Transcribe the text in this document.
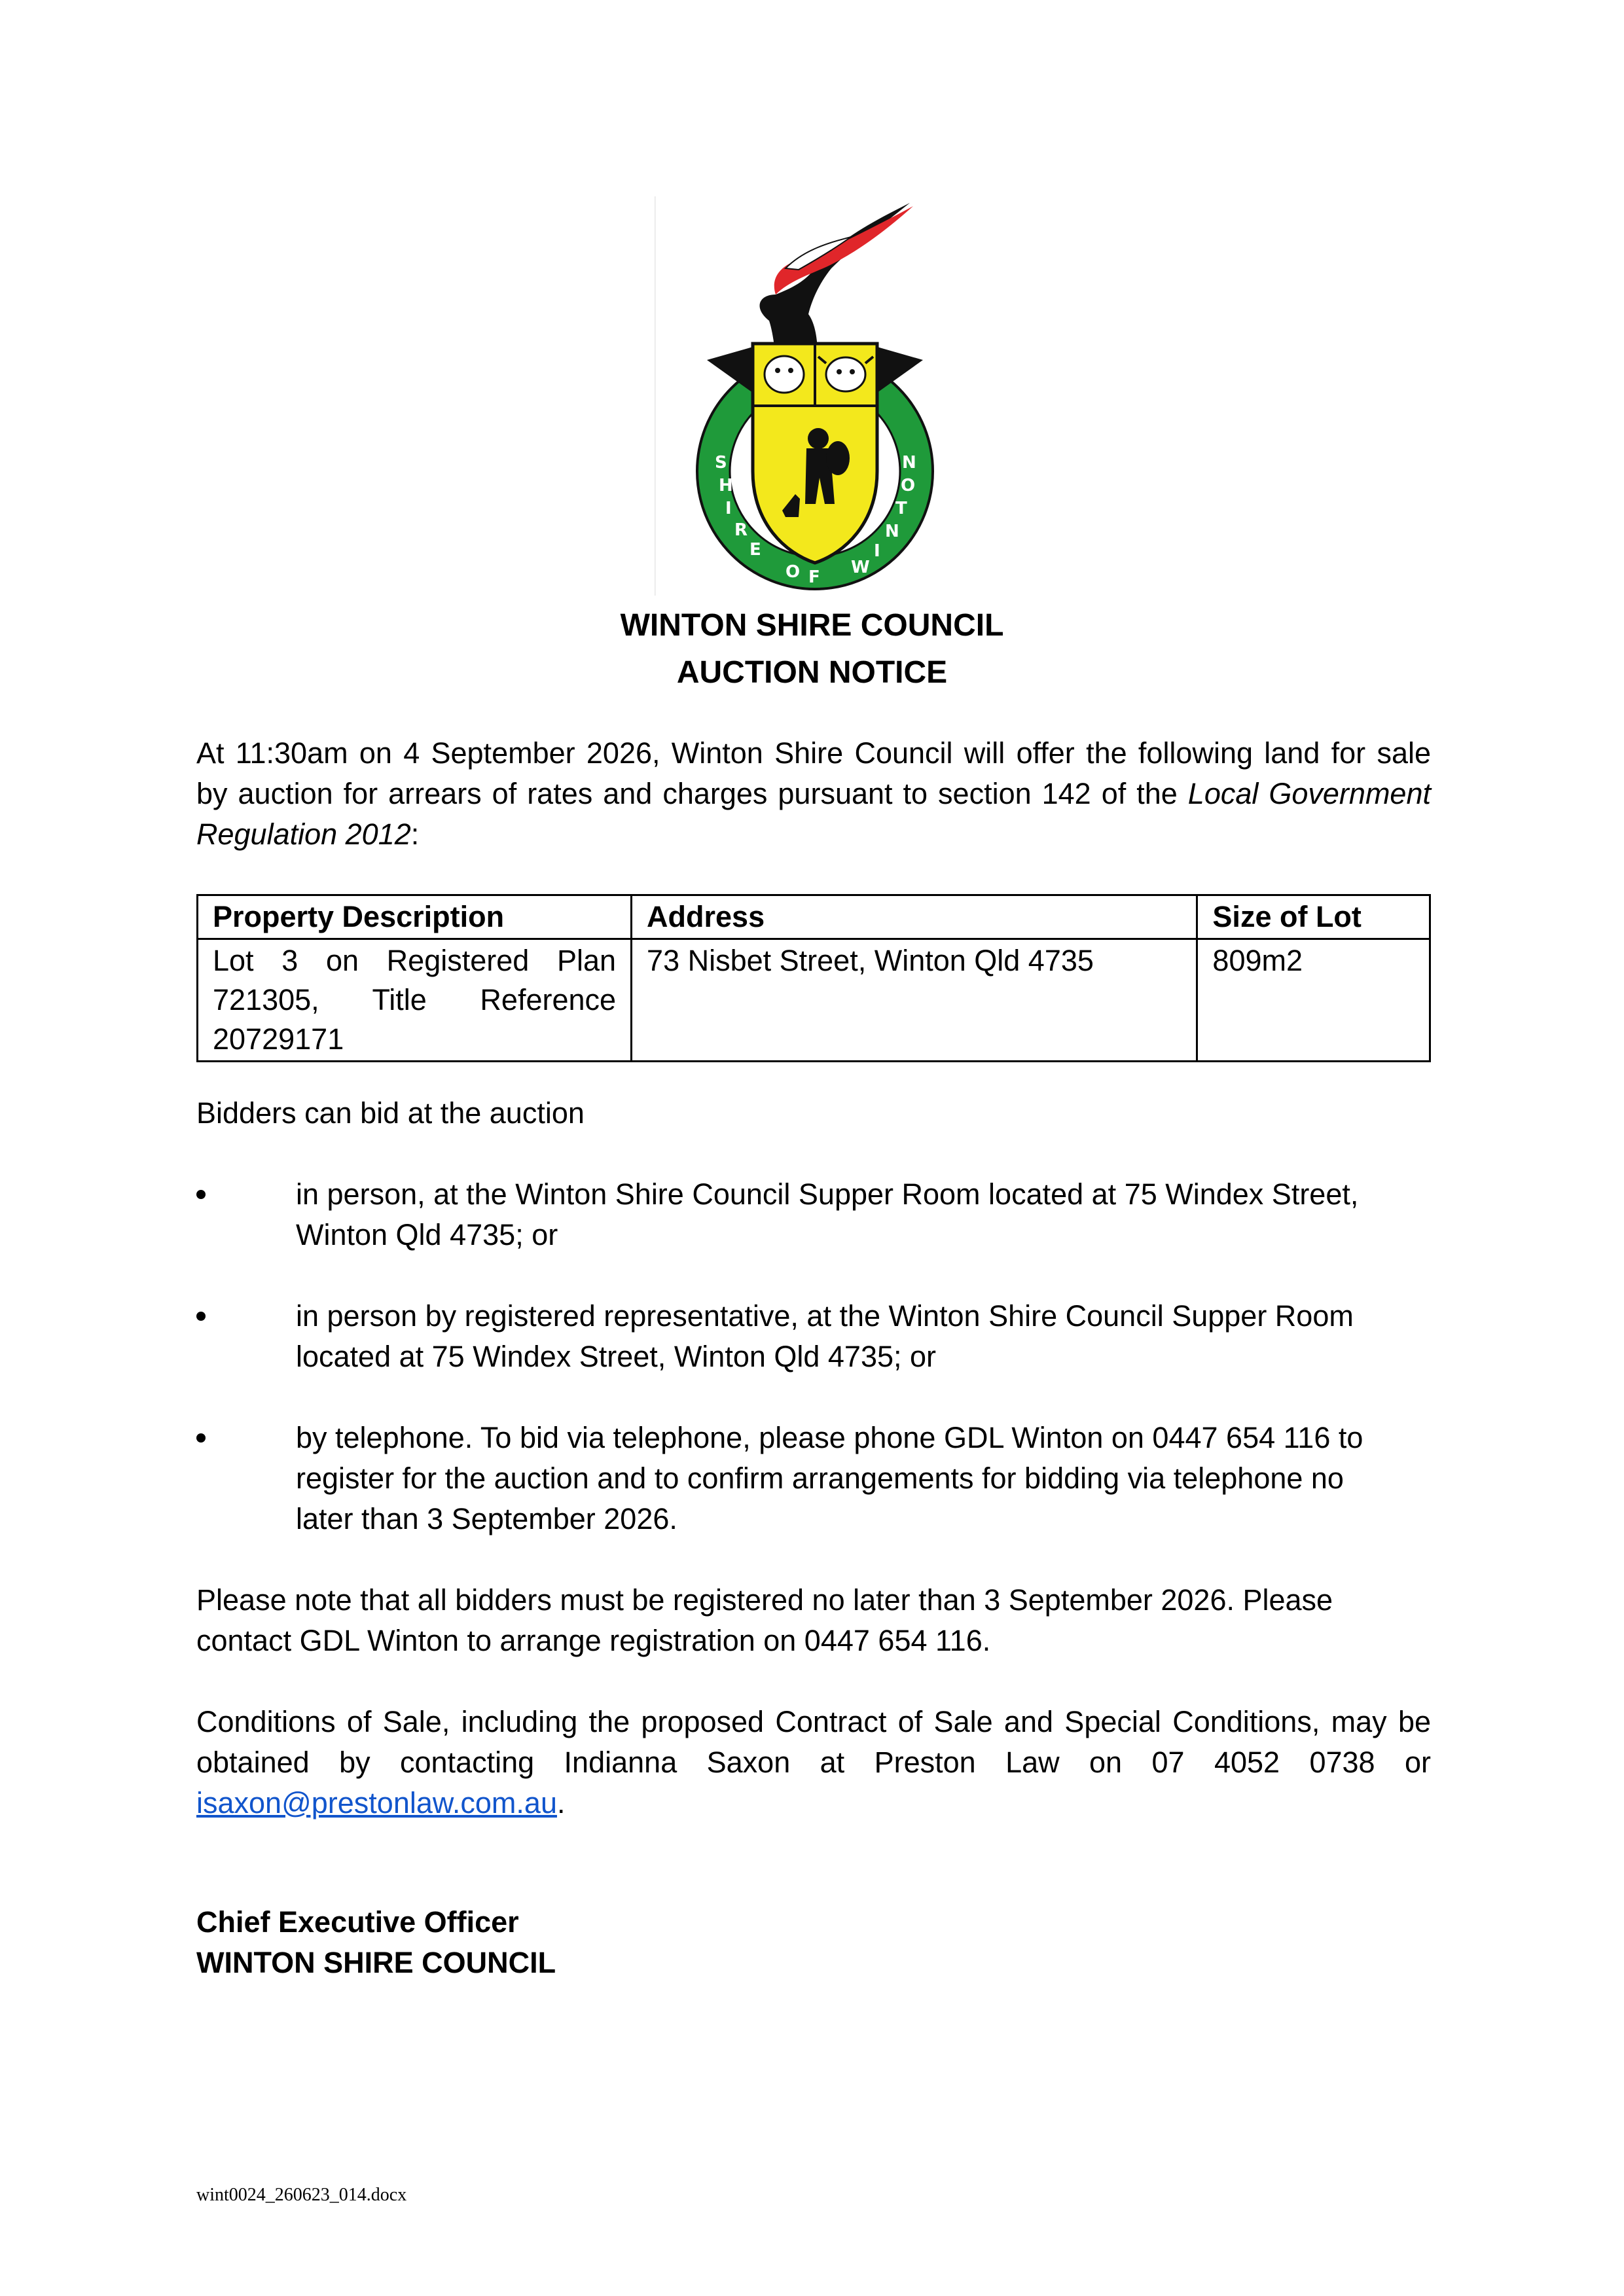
S
H
I
R
E
O F W
I
N
T
O
N
WINTON SHIRE COUNCIL
AUCTION NOTICE
At 11:30am on 4 September 2026, Winton Shire Council will offer the following land for sale
by auction for arrears of rates and charges pursuant to section 142 of the Local Government
Regulation 2012:
Property Description	Address	Size of Lot

Lot 3 on Registered Plan
721305, Title Reference
20729171	73 Nisbet Street, Winton Qld 4735	809m2
Bidders can bid at the auction
in person, at the Winton Shire Council Supper Room located at 75 Windex Street,
Winton Qld 4735; or
in person by registered representative, at the Winton Shire Council Supper Room
located at 75 Windex Street, Winton Qld 4735; or
by telephone. To bid via telephone, please phone GDL Winton on 0447 654 116 to
register for the auction and to confirm arrangements for bidding via telephone no
later than 3 September 2026.
Please note that all bidders must be registered no later than 3 September 2026. Please
contact GDL Winton to arrange registration on 0447 654 116.
Conditions of Sale, including the proposed Contract of Sale and Special Conditions, may be
obtained by contacting Indianna Saxon at Preston Law on 07 4052 0738 or
isaxon@prestonlaw.com.au.
Chief Executive Officer
WINTON SHIRE COUNCIL
wint0024_260623_014.docx
